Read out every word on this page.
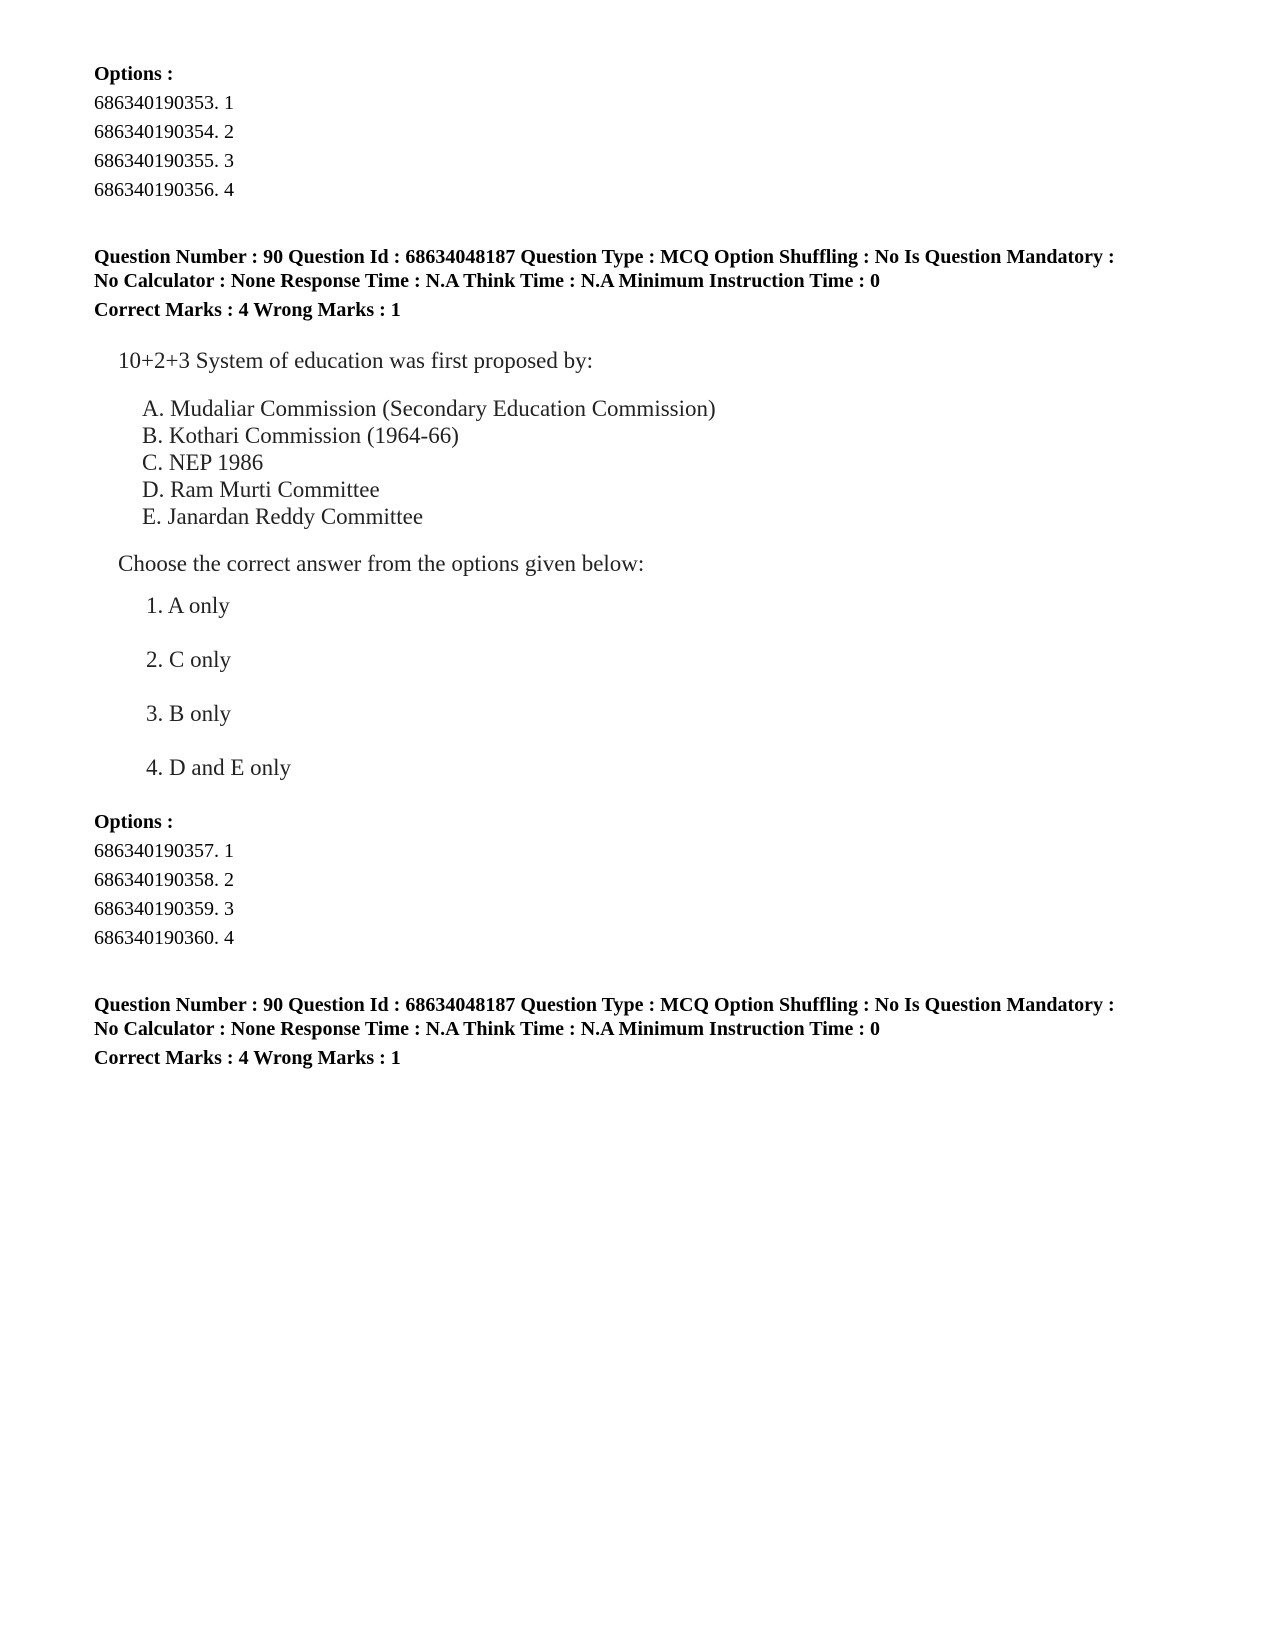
Options :

686340190353. 1

686340190354. 2

686340190355. 3

686340190356. 4

Question Number : 90 Question Id : 68634048187 Question Type : MCQ Option Shuffling : No Is Question Mandatory :

No Calculator : None Response Time : N.A Think Time : N.A Minimum Instruction Time : 0

Correct Marks : 4 Wrong Marks : 1

10+2+3 System of education was first proposed by:

A. Mudaliar Commission (Secondary Education Commission)
B. Kothari Commission (1964-66)
C. NEP 1986
D. Ram Murti Committee
E. Janardan Reddy Committee

Choose the correct answer from the options given below:

1. A only
2. C only
3. B only
4. D and E only

Options :

686340190357. 1

686340190358. 2

686340190359. 3

686340190360. 4

Question Number : 90 Question Id : 68634048187 Question Type : MCQ Option Shuffling : No Is Question Mandatory :

No Calculator : None Response Time : N.A Think Time : N.A Minimum Instruction Time : 0

Correct Marks : 4 Wrong Marks : 1
